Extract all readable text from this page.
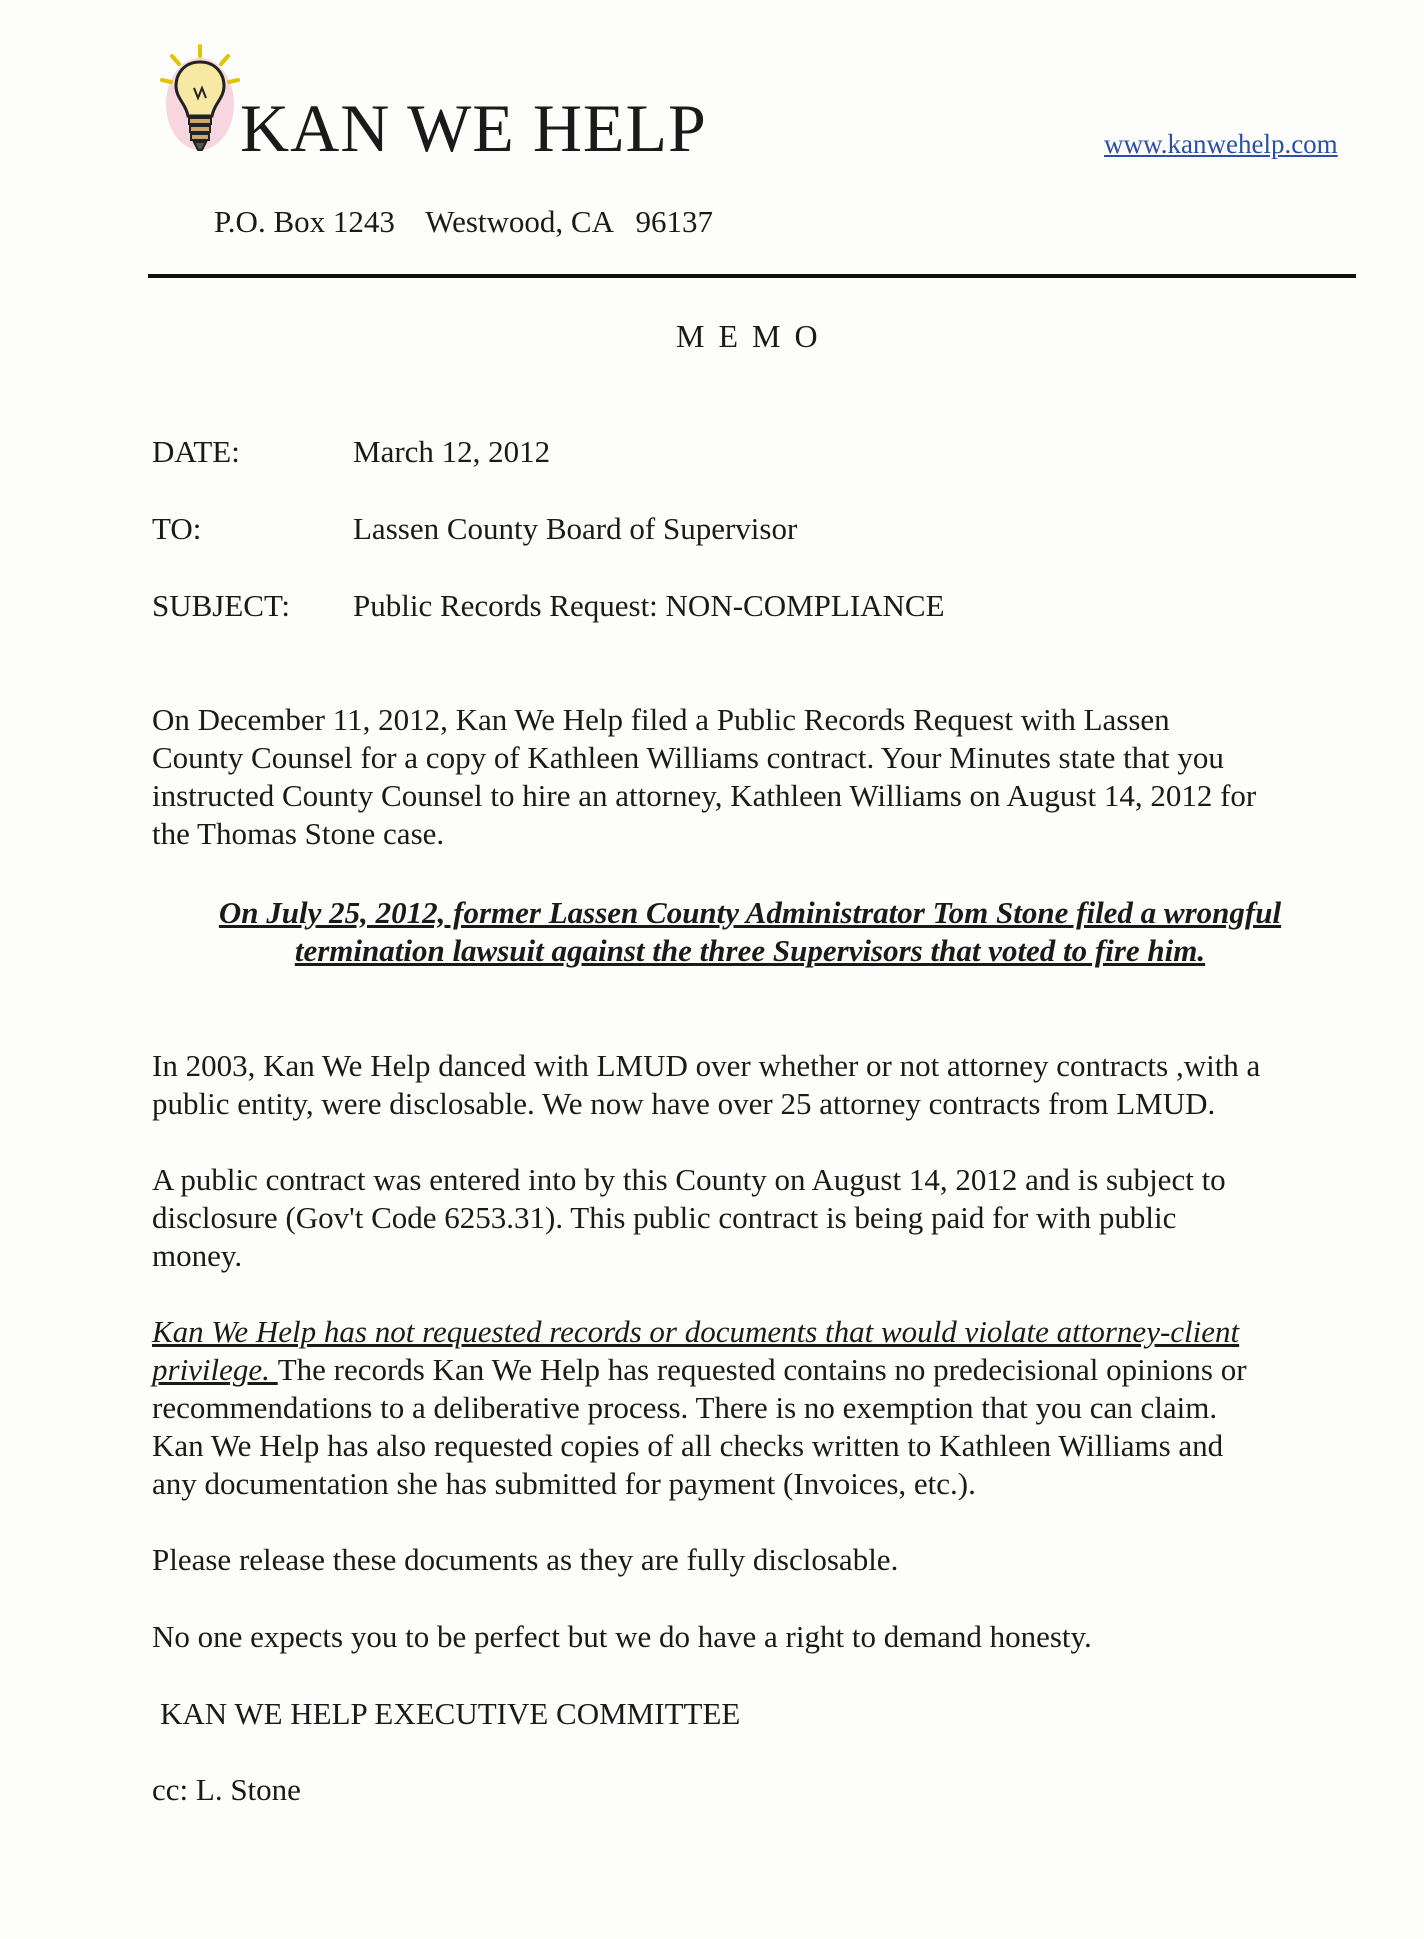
KAN WE HELP	www.kanwehelp.com
P.O. Box 1243    Westwood, CA   96137
MEMO
DATE:	March 12, 2012
TO:	Lassen County Board of Supervisor
SUBJECT: Public Records Request: NON-COMPLIANCE
On December 11, 2012, Kan We Help filed a Public Records Request with Lassen
County Counsel for a copy of Kathleen Williams contract. Your Minutes state that you
instructed County Counsel to hire an attorney, Kathleen Williams on August 14, 2012 for
the Thomas Stone case.
On July 25, 2012, former Lassen County Administrator Tom Stone filed a wrongful
termination lawsuit against the three Supervisors that voted to fire him.
In 2003, Kan We Help danced with LMUD over whether or not attorney contracts ,with a
public entity, were disclosable. We now have over 25 attorney contracts from LMUD.
A public contract was entered into by this County on August 14, 2012 and is subject to
disclosure (Gov't Code 6253.31). This public contract is being paid for with public
money.
Kan We Help has not requested records or documents that would violate attorney-client
privilege. The records Kan We Help has requested contains no predecisional opinions or
recommendations to a deliberative process. There is no exemption that you can claim.
Kan We Help has also requested copies of all checks written to Kathleen Williams and
any documentation she has submitted for payment (Invoices, etc.).
Please release these documents as they are fully disclosable.
No one expects you to be perfect but we do have a right to demand honesty.
KAN WE HELP EXECUTIVE COMMITTEE
cc: L. Stone
